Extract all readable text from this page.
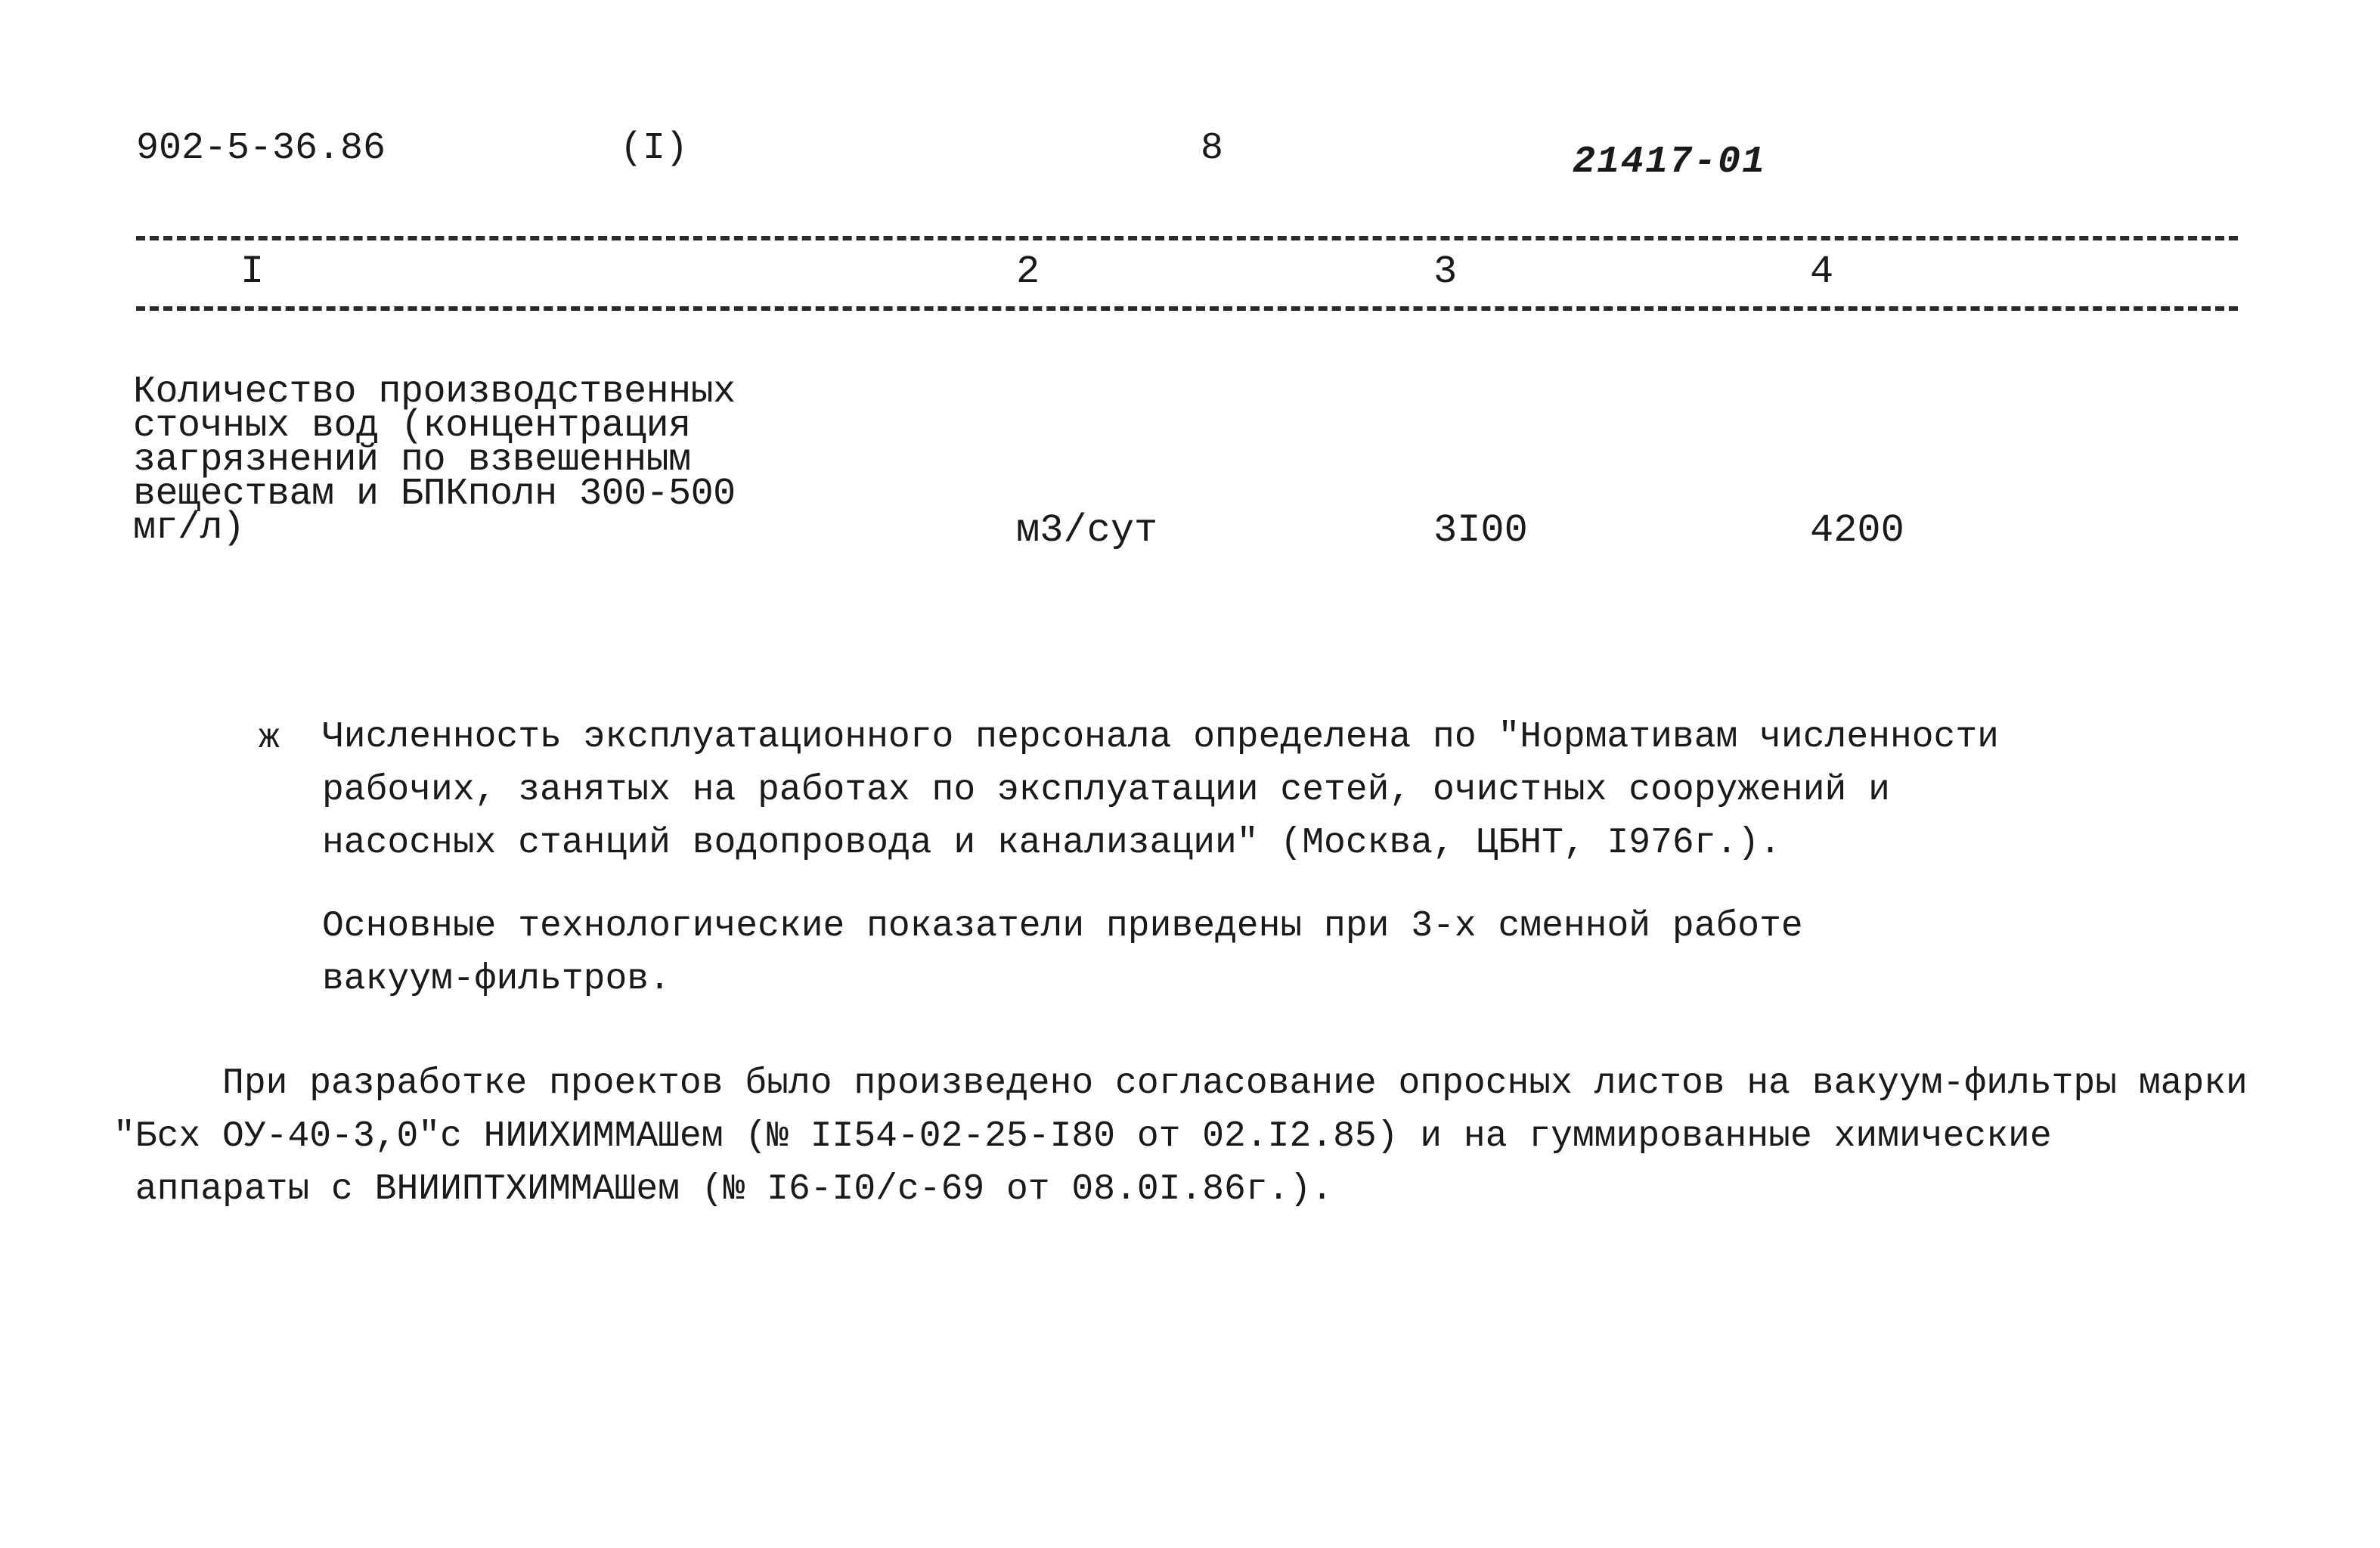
902-5-36.86	(I)	8	21417-01
I	2	3	4
Количество производственных
сточных вод (концентрация
загрязнений по взвешенным
веществам и БПКполн 300-500
мг/л)	м3/сут	3I00	4200
ж Численность эксплуатационного персонала определена по "Нормативам численности
рабочих, занятых на работах по эксплуатации сетей, очистных сооружений и
насосных станций водопровода и канализации" (Москва, ЦБНТ, I976г.).
Основные технологические показатели приведены при 3-х сменной работе
вакуум-фильтров.
При разработке проектов было произведено согласование опросных листов на вакуум-фильтры марки
"Бсх ОУ-40-3,0"с НИИХИММАШем (№ II54-02-25-I80 от 02.I2.85) и на гуммированные химические
аппараты с ВНИИПТХИММАШем (№ I6-I0/с-69 от 08.0I.86г.).
